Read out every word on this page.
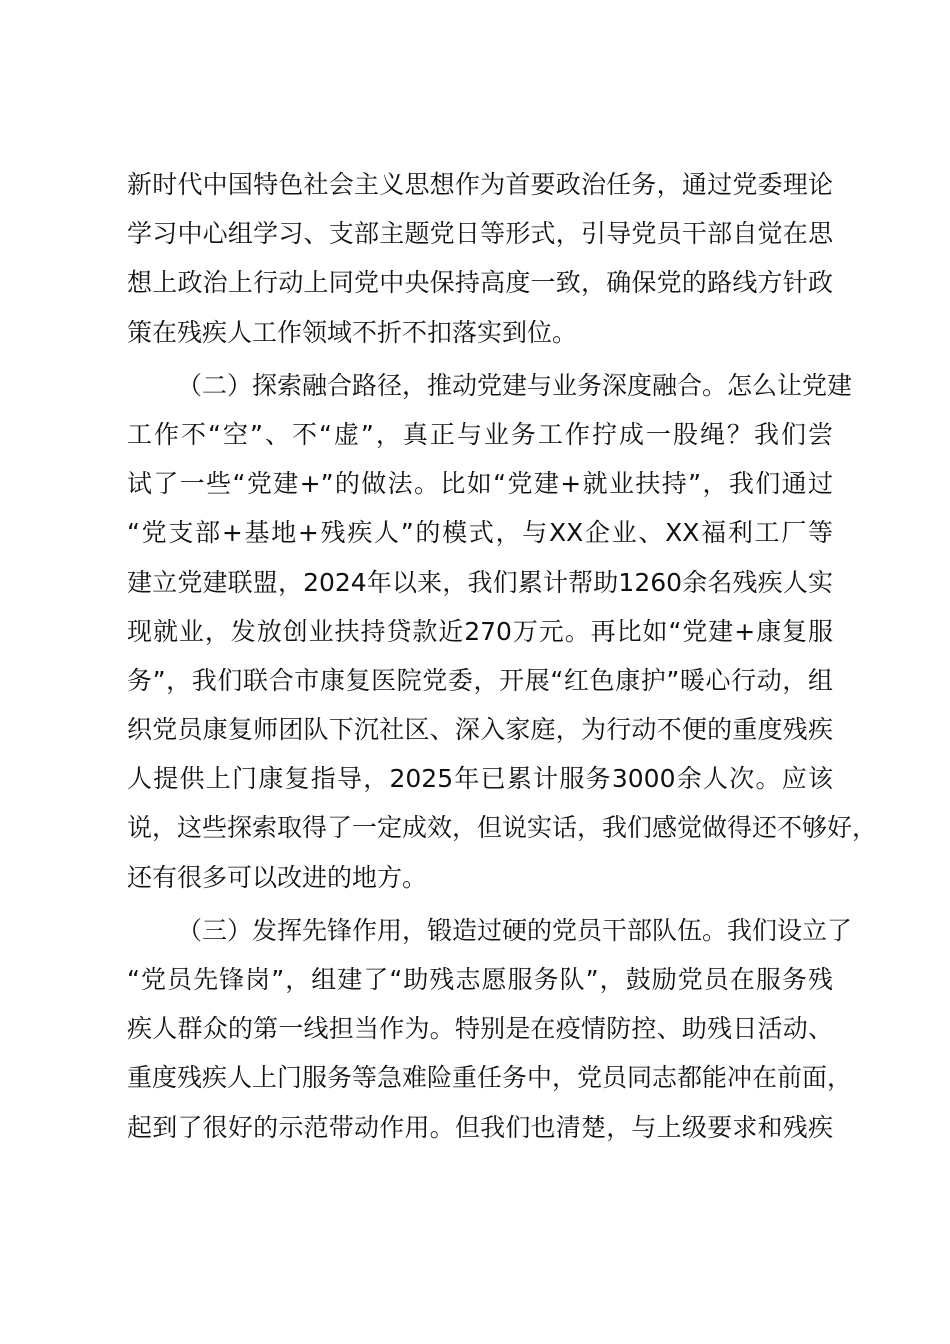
新时代中国特色社会主义思想作为首要政治任务，通过党委理论
学习中心组学习、支部主题党日等形式，引导党员干部自觉在思
想上政治上行动上同党中央保持高度一致，确保党的路线方针政
策在残疾人工作领域不折不扣落实到位。

（二）探索融合路径，推动党建与业务深度融合。怎么让党建
工作不“空”、不“虚”，真正与业务工作拧成一股绳？我们尝
试了一些“党建+”的做法。比如“党建+就业扶持”，我们通过
“党支部+基地+残疾人”的模式，与XX企业、XX福利工厂等
建立党建联盟，2024年以来，我们累计帮助1260余名残疾人实
现就业，发放创业扶持贷款近270万元。再比如“党建+康复服
务”，我们联合市康复医院党委，开展“红色康护”暖心行动，组
织党员康复师团队下沉社区、深入家庭，为行动不便的重度残疾
人提供上门康复指导，2025年已累计服务3000余人次。应该
说，这些探索取得了一定成效，但说实话，我们感觉做得还不够好，
还有很多可以改进的地方。

（三）发挥先锋作用，锻造过硬的党员干部队伍。我们设立了
“党员先锋岗”，组建了“助残志愿服务队”，鼓励党员在服务残
疾人群众的第一线担当作为。特别是在疫情防控、助残日活动、
重度残疾人上门服务等急难险重任务中，党员同志都能冲在前面，
起到了很好的示范带动作用。但我们也清楚，与上级要求和残疾
